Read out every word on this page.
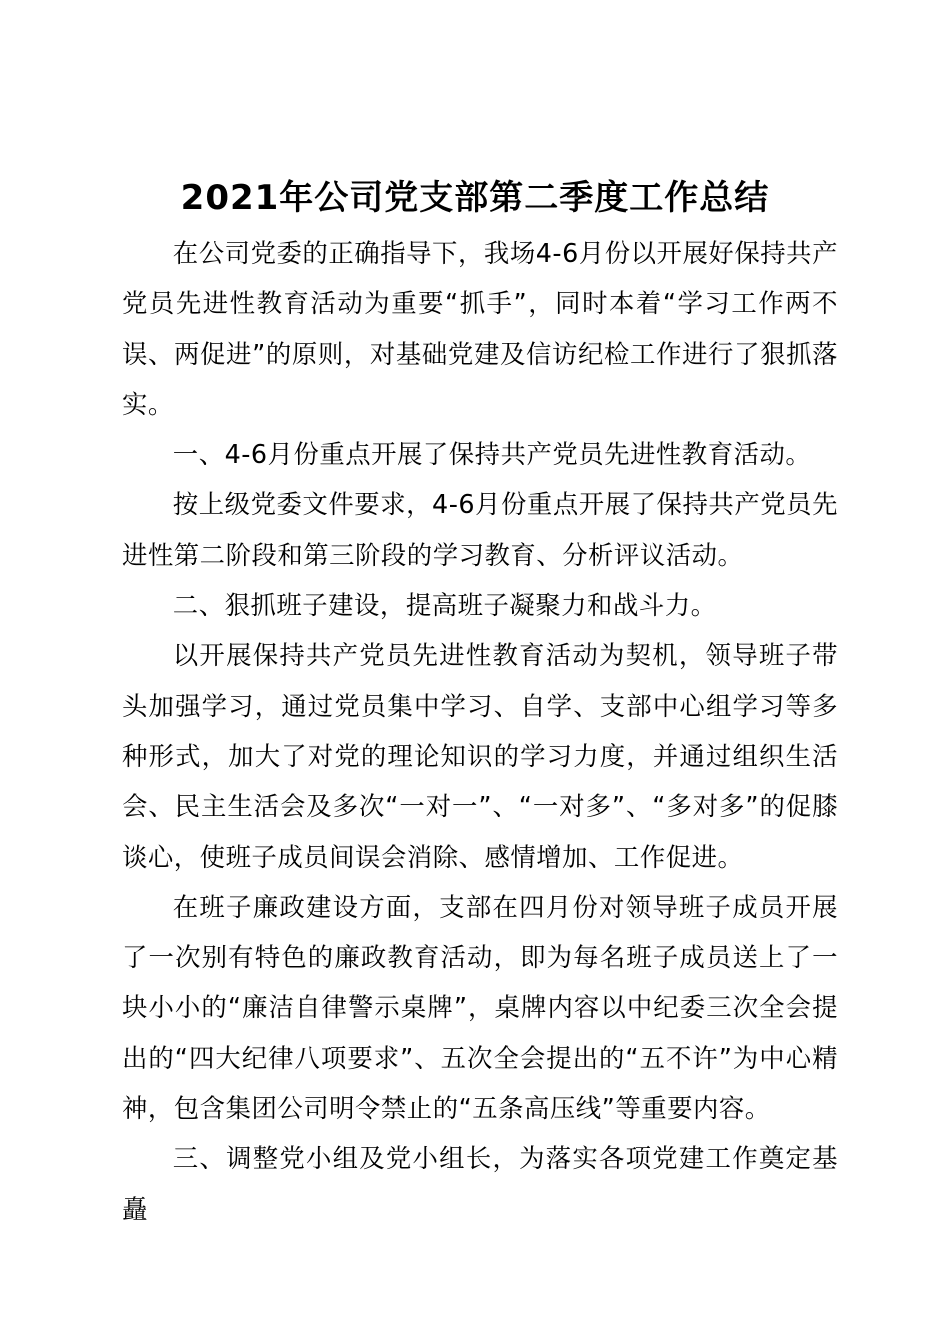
2021年公司党支部第二季度工作总结

在公司党委的正确指导下，我场4-6月份以开展好保持共产党员先进性教育活动为重要“抓手”，同时本着“学习工作两不误、两促进”的原则，对基础党建及信访纪检工作进行了狠抓落实。

一、4-6月份重点开展了保持共产党员先进性教育活动。

按上级党委文件要求，4-6月份重点开展了保持共产党员先进性第二阶段和第三阶段的学习教育、分析评议活动。

二、狠抓班子建设，提高班子凝聚力和战斗力。

以开展保持共产党员先进性教育活动为契机，领导班子带头加强学习，通过党员集中学习、自学、支部中心组学习等多种形式，加大了对党的理论知识的学习力度，并通过组织生活会、民主生活会及多次“一对一”、“一对多”、“多对多”的促膝谈心，使班子成员间误会消除、感情增加、工作促进。

在班子廉政建设方面，支部在四月份对领导班子成员开展了一次别有特色的廉政教育活动，即为每名班子成员送上了一块小小的“廉洁自律警示桌牌”，桌牌内容以中纪委三次全会提出的“四大纪律八项要求”、五次全会提出的“五不许”为中心精神，包含集团公司明令禁止的“五条高压线”等重要内容。

三、调整党小组及党小组长，为落实各项党建工作奠定基矗
